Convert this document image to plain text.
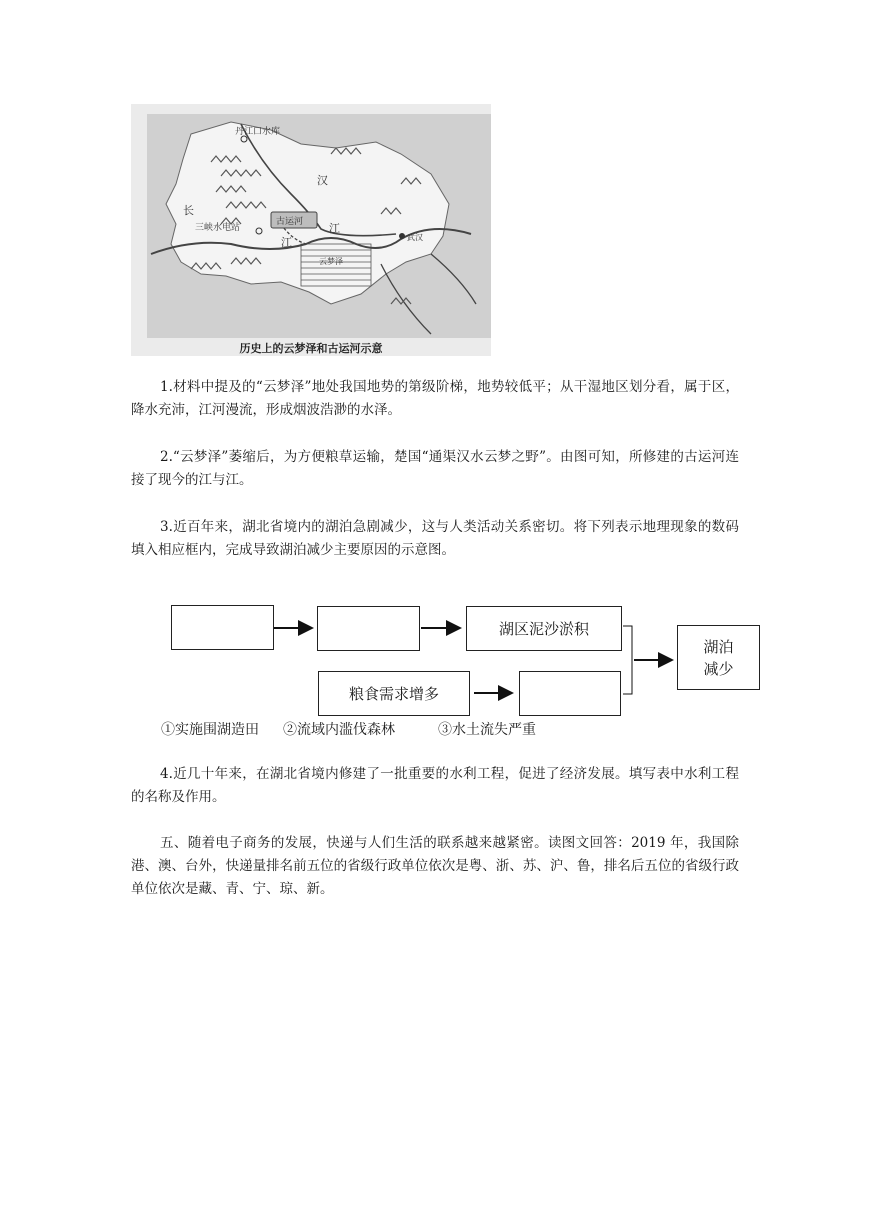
丹江口水库
汉
长
江
江
古运河
三峡水电站
武汉
云梦泽
历史上的云梦泽和古运河示意

1.材料中提及的“云梦泽”地处我国地势的第级阶梯，地势较低平；从干湿地区划分看，属于区，降水充沛，江河漫流，形成烟波浩渺的水泽。

2.“云梦泽”萎缩后，为方便粮草运输，楚国“通渠汉水云梦之野”。由图可知，所修建的古运河连接了现今的江与江。

3.近百年来，湖北省境内的湖泊急剧减少，这与人类活动关系密切。将下列表示地理现象的数码填入相应框内，完成导致湖泊减少主要原因的示意图。

湖区泥沙淤积
粮食需求增多
湖泊
减少
①实施围湖造田 ②流域内滥伐森林	③水土流失严重

4.近几十年来，在湖北省境内修建了一批重要的水利工程，促进了经济发展。填写表中水利工程的名称及作用。

五、随着电子商务的发展，快递与人们生活的联系越来越紧密。读图文回答：2019 年，我国除港、澳、台外，快递量排名前五位的省级行政单位依次是粤、浙、苏、沪、鲁，排名后五位的省级行政单位依次是藏、青、宁、琼、新。
